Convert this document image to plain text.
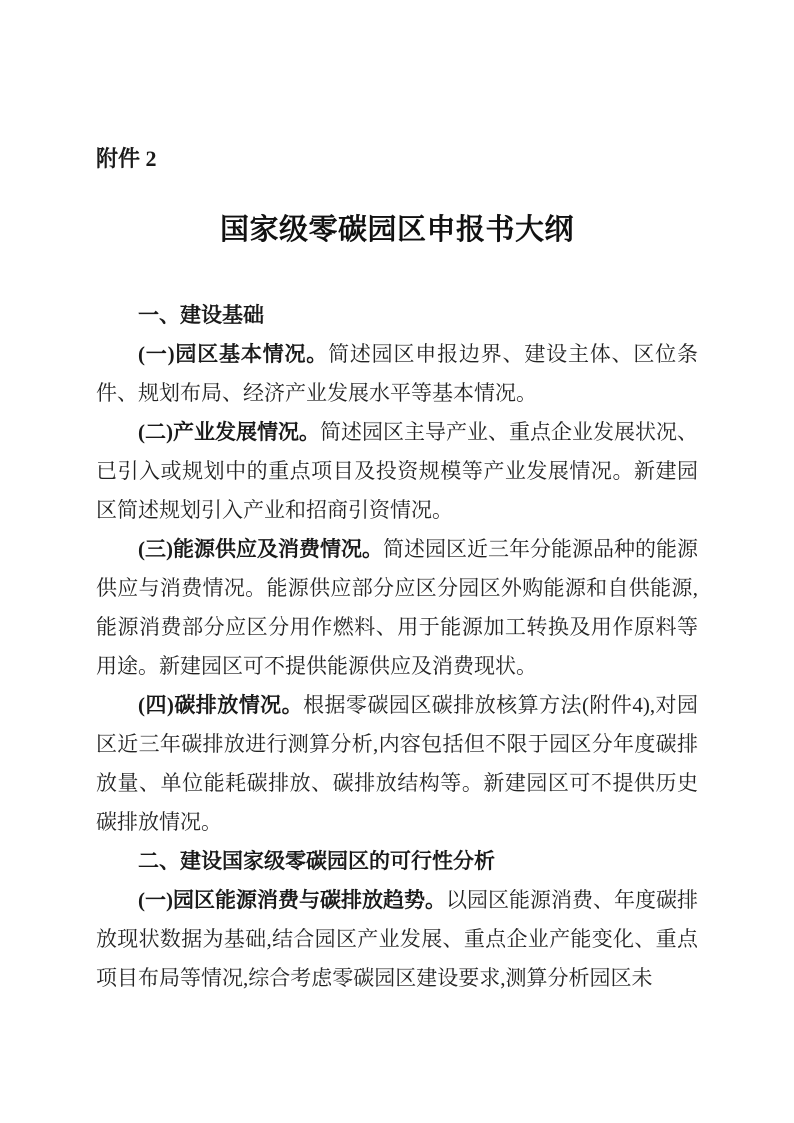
附件 2
国家级零碳园区申报书大纲
一、建设基础

(一)园区基本情况。简述园区申报边界、建设主体、区位条件、规划布局、经济产业发展水平等基本情况。

(二)产业发展情况。简述园区主导产业、重点企业发展状况、已引入或规划中的重点项目及投资规模等产业发展情况。新建园区简述规划引入产业和招商引资情况。

(三)能源供应及消费情况。简述园区近三年分能源品种的能源供应与消费情况。能源供应部分应区分园区外购能源和自供能源,能源消费部分应区分用作燃料、用于能源加工转换及用作原料等用途。新建园区可不提供能源供应及消费现状。

(四)碳排放情况。根据零碳园区碳排放核算方法(附件4),对园区近三年碳排放进行测算分析,内容包括但不限于园区分年度碳排放量、单位能耗碳排放、碳排放结构等。新建园区可不提供历史碳排放情况。

二、建设国家级零碳园区的可行性分析

(一)园区能源消费与碳排放趋势。以园区能源消费、年度碳排放现状数据为基础,结合园区产业发展、重点企业产能变化、重点项目布局等情况,综合考虑零碳园区建设要求,测算分析园区未
